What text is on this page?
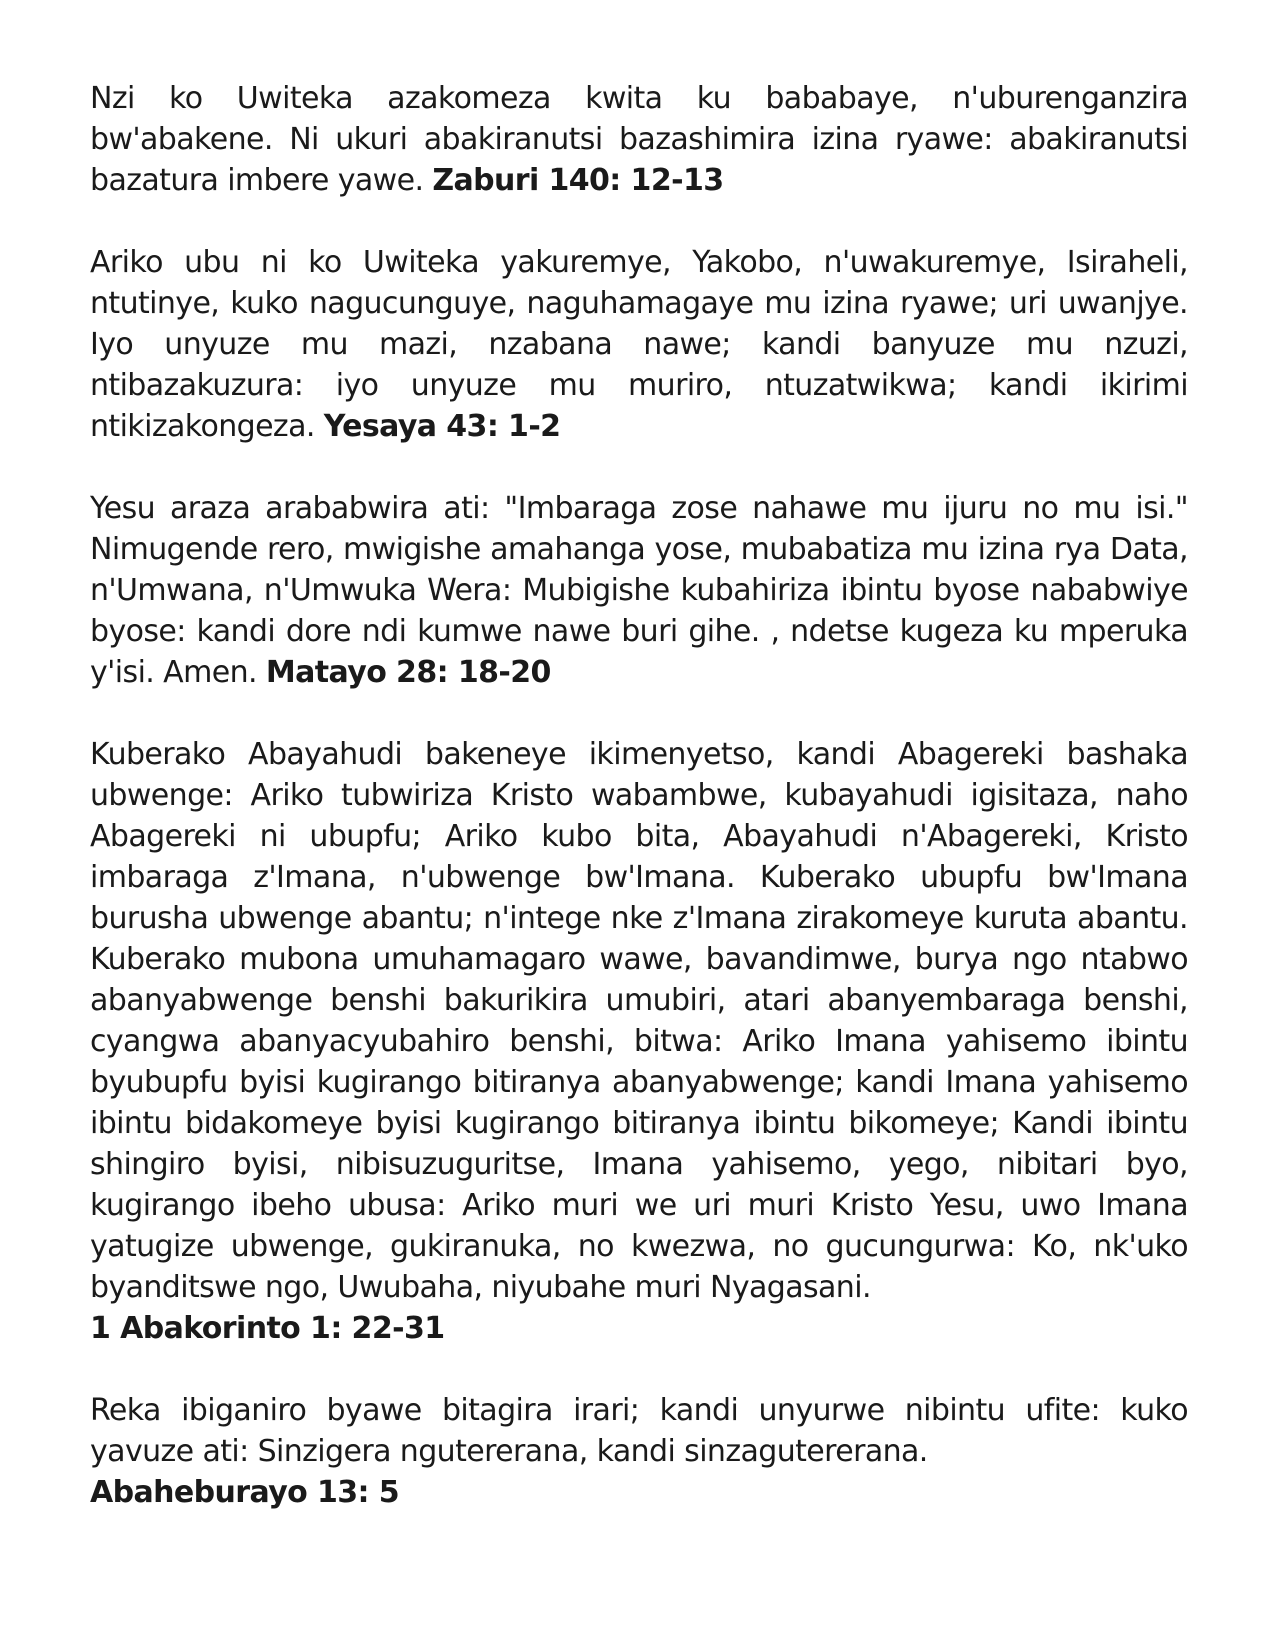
Nzi ko Uwiteka azakomeza kwita ku bababaye, n'uburenganzira bw'abakene. Ni ukuri abakiranutsi bazashimira izina ryawe: abakiranutsi bazatura imbere yawe. Zaburi 140: 12-13

Ariko ubu ni ko Uwiteka yakuremye, Yakobo, n'uwakuremye, Isiraheli, ntutinye, kuko nagucunguye, naguhamagaye mu izina ryawe; uri uwanjye. Iyo unyuze mu mazi, nzabana nawe; kandi banyuze mu nzuzi, ntibazakuzura: iyo unyuze mu muriro, ntuzatwikwa; kandi ikirimi ntikizakongeza. Yesaya 43: 1-2

Yesu araza arababwira ati: "Imbaraga zose nahawe mu ijuru no mu isi." Nimugende rero, mwigishe amahanga yose, mubabatiza mu izina rya Data, n'Umwana, n'Umwuka Wera: Mubigishe kubahiriza ibintu byose nababwiye byose: kandi dore ndi kumwe nawe buri gihe. , ndetse kugeza ku mperuka y'isi. Amen. Matayo 28: 18-20

Kuberako Abayahudi bakeneye ikimenyetso, kandi Abagereki bashaka ubwenge: Ariko tubwiriza Kristo wabambwe, kubayahudi igisitaza, naho Abagereki ni ubupfu; Ariko kubo bita, Abayahudi n'Abagereki, Kristo imbaraga z'Imana, n'ubwenge bw'Imana. Kuberako ubupfu bw'Imana burusha ubwenge abantu; n'intege nke z'Imana zirakomeye kuruta abantu. Kuberako mubona umuhamagaro wawe, bavandimwe, burya ngo ntabwo abanyabwenge benshi bakurikira umubiri, atari abanyembaraga benshi, cyangwa abanyacyubahiro benshi, bitwa: Ariko Imana yahisemo ibintu byubupfu byisi kugirango bitiranya abanyabwenge; kandi Imana yahisemo ibintu bidakomeye byisi kugirango bitiranya ibintu bikomeye; Kandi ibintu shingiro byisi, nibisuzuguritse, Imana yahisemo, yego, nibitari byo, kugirango ibeho ubusa: Ariko muri we uri muri Kristo Yesu, uwo Imana yatugize ubwenge, gukiranuka, no kwezwa, no gucungurwa: Ko, nk'uko byanditswe ngo, Uwubaha, niyubahe muri Nyagasani.
1 Abakorinto 1: 22-31
Reka ibiganiro byawe bitagira irari; kandi unyurwe nibintu ufite: kuko yavuze ati: Sinzigera ngutererana, kandi sinzagutererana.
Abaheburayo 13: 5
